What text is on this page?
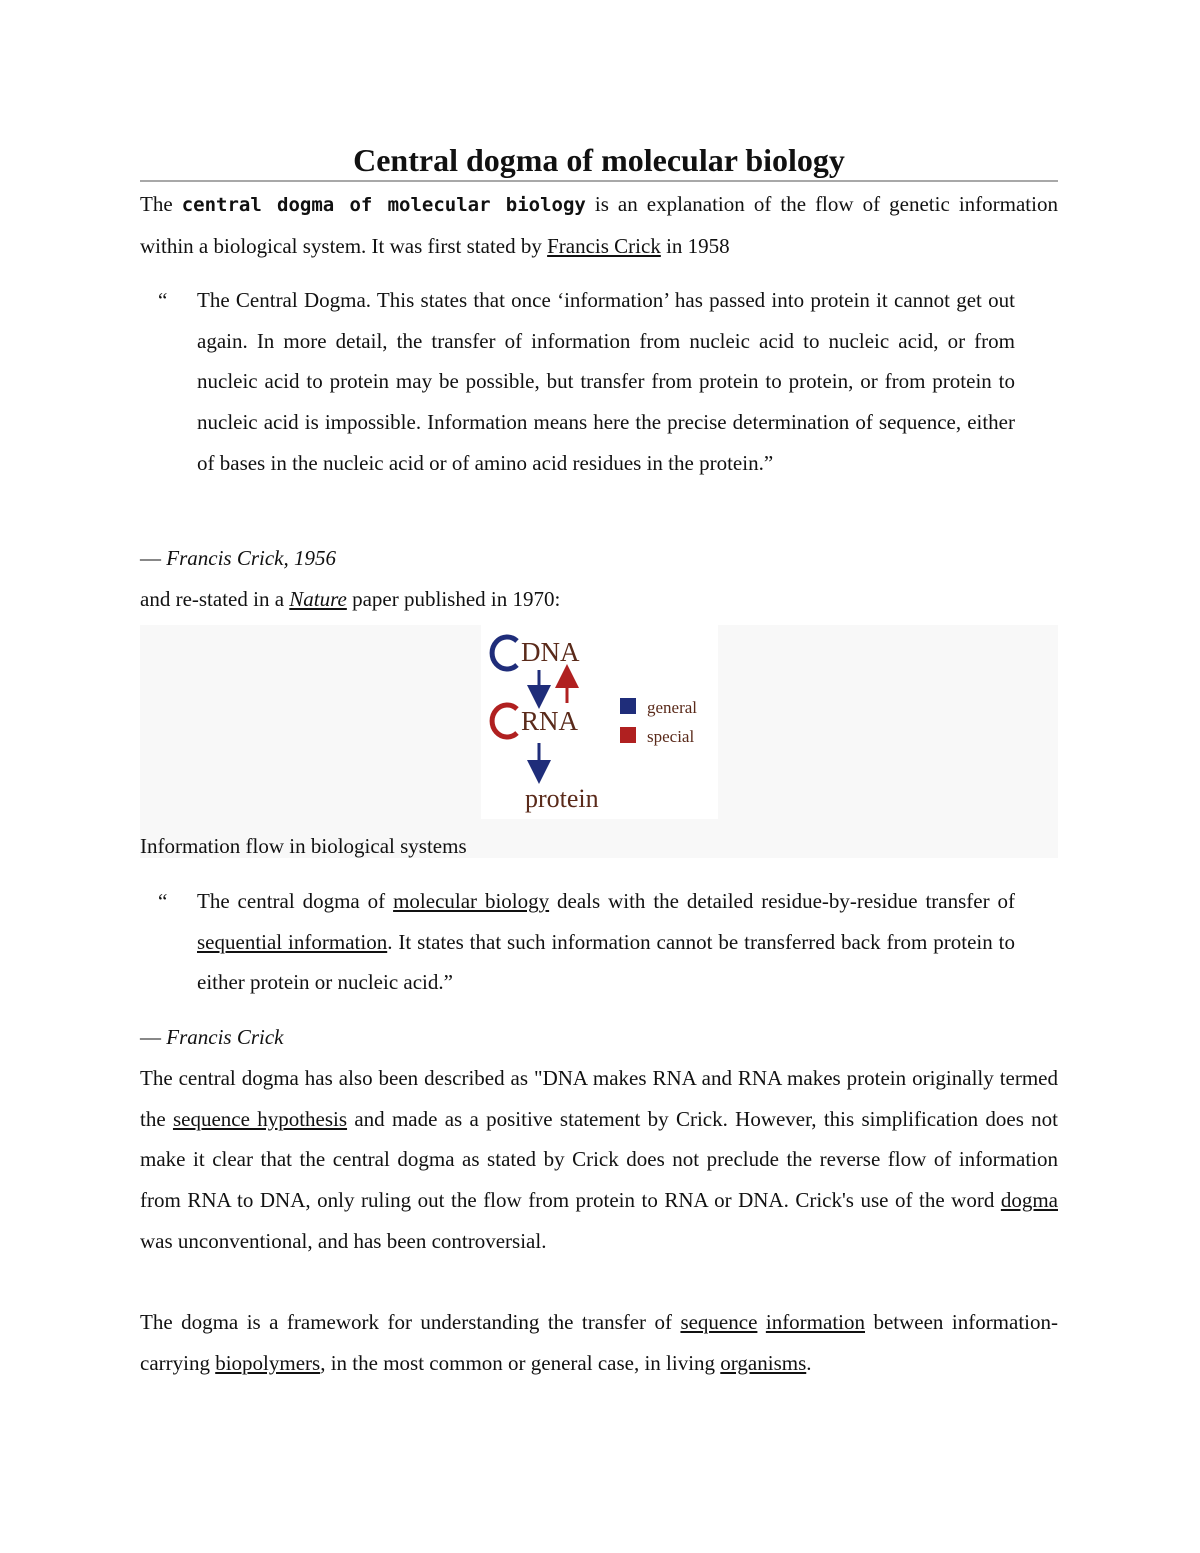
Central dogma of molecular biology
The central dogma of molecular biology is an explanation of the flow of genetic information within a biological system. It was first stated by Francis Crick in 1958
“ The Central Dogma. This states that once ‘information’ has passed into protein it cannot get out again. In more detail, the transfer of information from nucleic acid to nucleic acid, or from nucleic acid to protein may be possible, but transfer from protein to protein, or from protein to nucleic acid is impossible. Information means here the precise determination of sequence, either of bases in the nucleic acid or of amino acid residues in the protein.”
— Francis Crick, 1956
and re-stated in a Nature paper published in 1970:
DNA
RNA
protein
general
special
Information flow in biological systems
“ The central dogma of molecular biology deals with the detailed residue-by-residue transfer of sequential information. It states that such information cannot be transferred back from protein to either protein or nucleic acid.”
— Francis Crick
The central dogma has also been described as "DNA makes RNA and RNA makes protein originally termed the sequence hypothesis and made as a positive statement by Crick. However, this simplification does not make it clear that the central dogma as stated by Crick does not preclude the reverse flow of information from RNA to DNA, only ruling out the flow from protein to RNA or DNA. Crick's use of the word dogma was unconventional, and has been controversial.
The dogma is a framework for understanding the transfer of sequence information between information-carrying biopolymers, in the most common or general case, in living organisms.
